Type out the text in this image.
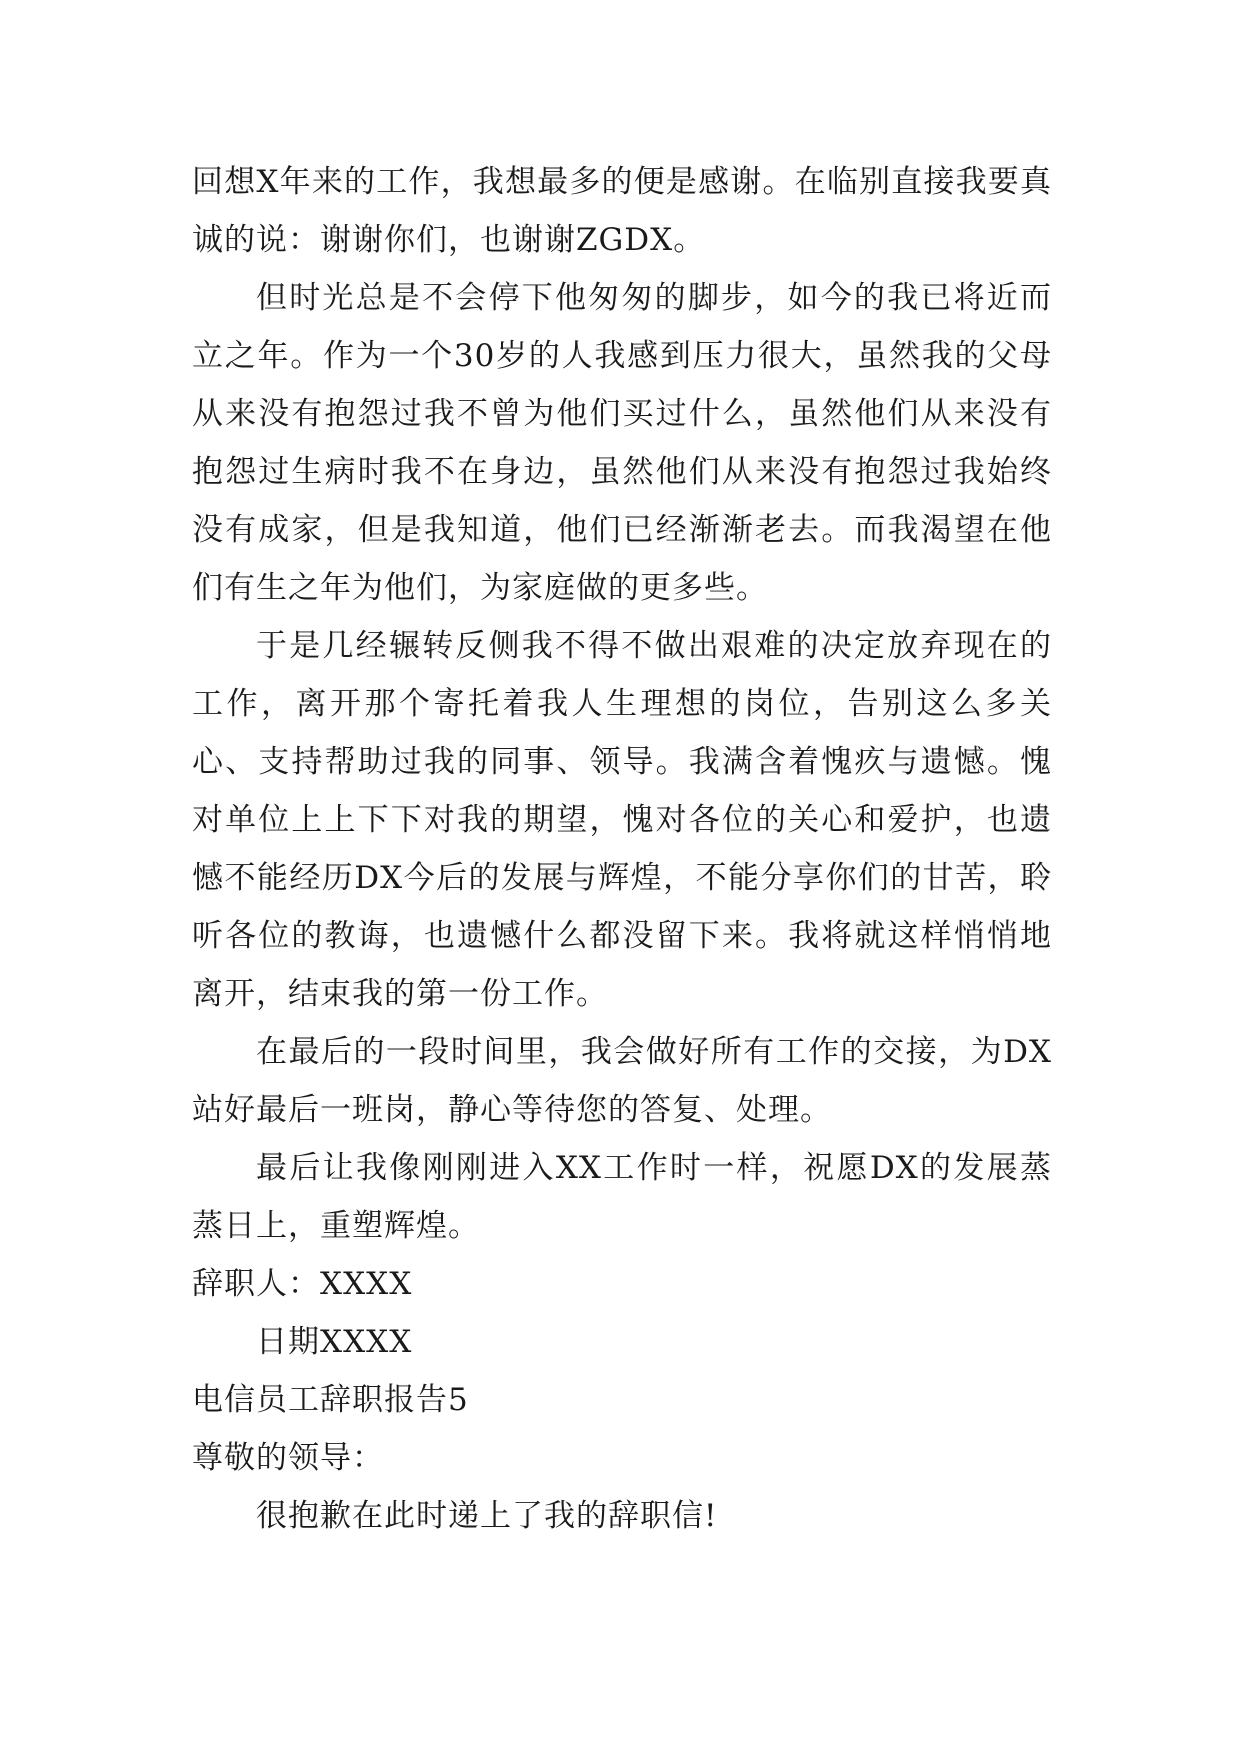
回想X年来的工作，我想最多的便是感谢。在临别直接我要真诚的说：谢谢你们，也谢谢ZGDX。

但时光总是不会停下他匆匆的脚步，如今的我已将近而立之年。作为一个30岁的人我感到压力很大，虽然我的父母从来没有抱怨过我不曾为他们买过什么，虽然他们从来没有抱怨过生病时我不在身边，虽然他们从来没有抱怨过我始终没有成家，但是我知道，他们已经渐渐老去。而我渴望在他们有生之年为他们，为家庭做的更多些。

于是几经辗转反侧我不得不做出艰难的决定放弃现在的工作，离开那个寄托着我人生理想的岗位，告别这么多关心、支持帮助过我的同事、领导。我满含着愧疚与遗憾。愧对单位上上下下对我的期望，愧对各位的关心和爱护，也遗憾不能经历DX今后的发展与辉煌，不能分享你们的甘苦，聆听各位的教诲，也遗憾什么都没留下来。我将就这样悄悄地离开，结束我的第一份工作。

在最后的一段时间里，我会做好所有工作的交接，为DX站好最后一班岗，静心等待您的答复、处理。

最后让我像刚刚进入XX工作时一样，祝愿DX的发展蒸蒸日上，重塑辉煌。

辞职人：XXXX

日期XXXX

电信员工辞职报告5

尊敬的领导：

很抱歉在此时递上了我的辞职信!
